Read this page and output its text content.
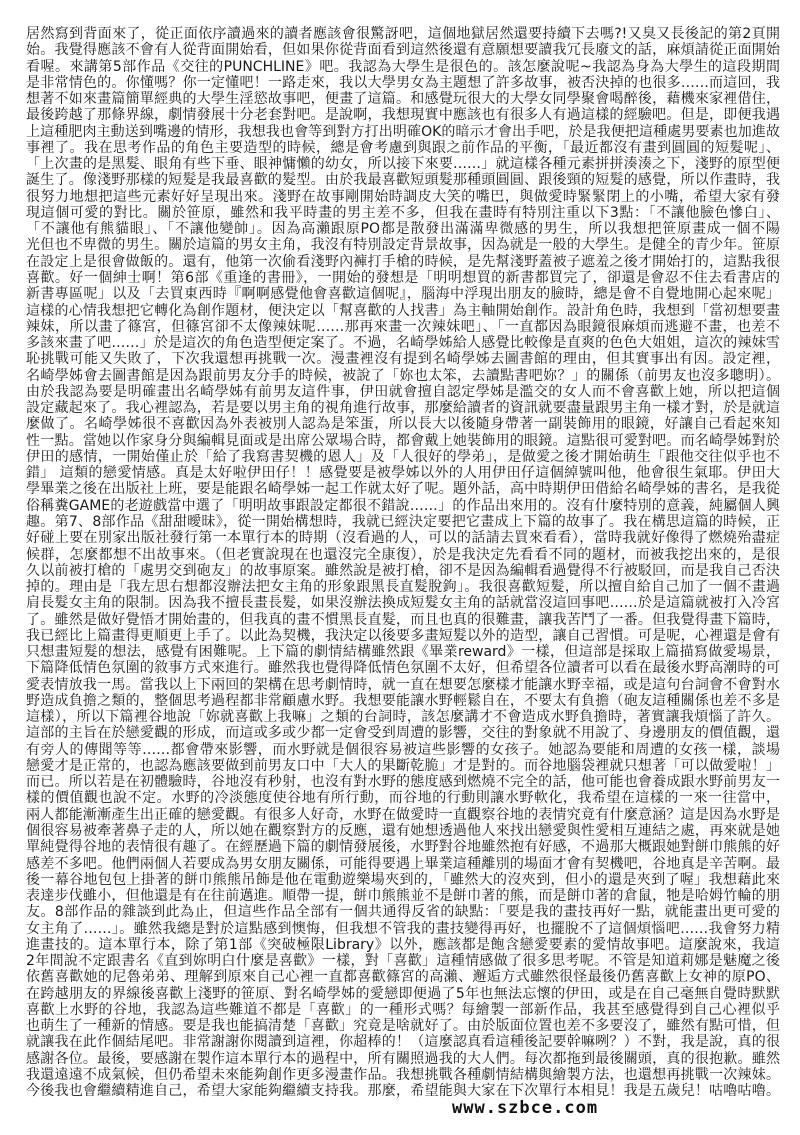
居然寫到背面來了，從正面依序讀過來的讀者應該會很驚訝吧，這個地獄居然還要持續下去嗎?!又臭又長後記的第2頁開
始。我覺得應該不會有人從背面開始看，但如果你從背面看到這然後還有意願想要讀我冗長廢文的話，麻煩請從正面開始
看喔。來講第5部作品《交往的PUNCHLINE》吧。我認為大學生是很色的。該怎麼說呢~我認為身為大學生的這段期間
是非常情色的。你懂嗎？你一定懂吧！一路走來，我以大學男女為主題想了許多故事，被否決掉的也很多……而這回，我
想著不如來畫篇簡單經典的大學生淫慾故事吧，便畫了這篇。和感覺玩很大的大學女同學聚會喝醉後，藉機來家裡借住，
最後跨越了那條界線，劇情發展十分老套對吧。是說啊，我想現實中應該也有很多人有過這樣的經驗吧。但是，即便我遇
上這種肥肉主動送到嘴邊的情形，我想我也會等到對方打出明確OK的暗示才會出手吧，於是我便把這種處男要素也加進故
事裡了。我在思考作品的角色主要造型的時候，總是會考慮到與跟之前作品的平衡，「最近都沒有畫到圓圓的短髮呢」、
「上次畫的是黑髮、眼角有些下垂、眼神慵懶的幼女，所以接下來要……」就這樣各種元素拼拼湊湊之下，淺野的原型便
誕生了。像淺野那樣的短髮是我最喜歡的髮型。由於我最喜歡短頭髮那種頭圓圓、跟後頸的短髮的感覺，所以作畫時，我
很努力地想把這些元素好好呈現出來。淺野在故事剛開始時調皮大笑的嘴巴，與做愛時緊緊閉上的小嘴，希望大家有發
現這個可愛的對比。關於笹原，雖然和我平時畫的男主差不多，但我在畫時有特別注重以下3點：「不讓他臉色慘白」、
「不讓他有熊貓眼」、「不讓他變帥」。因為高瀨跟原PO都是散發出滿滿卑微感的男生，所以我想把笹原畫成一個不陽
光但也不卑微的男生。關於這篇的男女主角，我沒有特別設定背景故事，因為就是一般的大學生。是健全的青少年。笹原
在設定上是很會做飯的。還有，他第一次偷看淺野內褲打手槍的時候，是先幫淺野蓋被子遮羞之後才開始打的，這點我很
喜歡。好一個紳士啊！第6部《重逢的書冊》，一開始的發想是「明明想買的新書都買完了，卻還是會忍不住去看書店的
新書專區呢」以及「去買東西時『啊啊感覺他會喜歡這個呢』，腦海中浮現出朋友的臉時，總是會不自覺地開心起來呢」
這樣的心情我想把它轉化為創作題材，便決定以「幫喜歡的人找書」為主軸開始創作。設計角色時，我想到「當初想要畫
辣妹，所以畫了篠宮，但篠宮卻不太像辣妹呢……那再來畫一次辣妹吧」、「一直都因為眼鏡很麻煩而逃避不畫，也差不
多該來畫了吧……」於是這次的角色造型便定案了。不過，名崎學姊給人感覺比較像是直爽的色色大姐姐，這次的辣妹雪
恥挑戰可能又失敗了，下次我還想再挑戰一次。漫畫裡沒有提到名崎學姊去圖書館的理由，但其實事出有因。設定裡，
名崎學姊會去圖書館是因為跟前男友分手的時候，被說了「妳也太笨，去讀點書吧妳？」的關係（前男友也沒多聰明）。
由於我認為要是明確畫出名崎學姊有前男友這件事，伊田就會擅自認定學姊是濫交的女人而不會喜歡上她，所以把這個
設定藏起來了。我心裡認為，若是要以男主角的視角進行故事，那麼給讀者的資訊就要盡量跟男主角一樣才對，於是就這
麼做了。名崎學姊很不喜歡因為外表被別人認為是笨蛋，所以長大以後隨身帶著一副裝飾用的眼鏡，好讓自己看起來知
性一點。當她以作家身分與編輯見面或是出席公眾場合時，都會戴上她裝飾用的眼鏡。這點很可愛對吧。而名崎學姊對於
伊田的感情，一開始僅止於「給了我寫書契機的恩人」及「人很好的學弟」，是做愛之後才開始萌生「跟他交往似乎也不
錯」 這類的戀愛情感。真是太好啦伊田仔！！感覺要是被學姊以外的人用伊田仔這個綽號叫他，他會很生氣耶。伊田大
學畢業之後在出版社上班，要是能跟名崎學姊一起工作就太好了呢。題外話，高中時期伊田借給名崎學姊的書名，是我從
俗稱糞GAME的老遊戲當中選了「明明故事跟設定都很不錯說……」的作品出來用的。沒有什麼特別的意義，純屬個人興
趣。第7、8部作品《甜甜曖昧》，從一開始構想時，我就已經決定要把它畫成上下篇的故事了。我在構思這篇的時候，正
好碰上要在別家出版社發行第一本單行本的時期（沒看過的人，可以的話請去買來看看），當時我就好像得了燃燒殆盡症
候群，怎麼都想不出故事來。（但老實說現在也還沒完全康復），於是我決定先看看不同的題材，而被我挖出來的，是很
久以前被打槍的「處男交到砲友」的故事原案。雖然說是被打槍，卻不是因為編輯看過覺得不行被駁回，而是我自己否決
掉的。理由是「我左思右想都沒辦法把女主角的形象跟黑長直髮脫鉤」。我很喜歡短髮，所以擅自給自己加了一個不畫過
肩長髮女主角的限制。因為我不擅長畫長髮，如果沒辦法換成短髮女主角的話就當沒這回事吧……於是這篇就被打入冷宮
了。雖然是做好覺悟才開始畫的，但我真的畫不慣黑長直髮，而且也真的很難畫，讓我苦鬥了一番。但我覺得畫下篇時，
我已經比上篇畫得更順更上手了。以此為契機，我決定以後要多畫短髮以外的造型，讓自己習慣。可是呢，心裡還是會有
只想畫短髮的想法，感覺有困難呢。上下篇的劇情結構雖然跟《畢業reward》一樣，但這部是採取上篇描寫做愛場景，
下篇降低情色氛圍的敘事方式來進行。雖然我也覺得降低情色氛圍不太好，但希望各位讀者可以看在最後水野高潮時的可
愛表情放我一馬。當我以上下兩回的架構在思考劇情時，就一直在想要怎麼樣才能讓水野幸福，或是這句台詞會不會對水
野造成負擔之類的，整個思考過程都非常顧慮水野。我想要能讓水野輕鬆自在，不要太有負擔（砲友這種關係也差不多是
這樣），所以下篇裡谷地說「妳就喜歡上我嘛」之類的台詞時，該怎麼講才不會造成水野負擔時，著實讓我煩惱了許久。
這部的主旨在於戀愛觀的形成，而這或多或少都一定會受到周遭的影響，交往的對象就不用說了、身邊朋友的價值觀，還
有旁人的傳聞等等……都會帶來影響，而水野就是個很容易被這些影響的女孩子。她認為要能和周遭的女孩一樣，談場
戀愛才是正常的，也認為應該要做到前男友口中「大人的果斷乾脆」才是對的。而谷地腦袋裡就只想著「可以做愛啦！」
而已。所以若是在初體驗時，谷地沒有秒射，也沒有對水野的態度感到燃燒不完全的話，他可能也會養成跟水野前男友一
樣的價值觀也說不定。水野的冷淡態度使谷地有所行動，而谷地的行動則讓水野軟化，我希望在這樣的一來一往當中，
兩人都能漸漸產生出正確的戀愛觀。有很多人好奇，水野在做愛時一直觀察谷地的表情究竟有什麼意涵？這是因為水野是
個很容易被牽著鼻子走的人，所以她在觀察對方的反應，還有她想透過他人來找出戀愛與性愛相互連結之處，再來就是她
單純覺得谷地的表情很有趣了。在經歷過下篇的劇情發展後，水野對谷地雖然抱有好感，不過那大概跟她對餅巾熊熊的好
感差不多吧。他們兩個人若要成為男女朋友關係，可能得要遇上畢業這種離別的場面才會有契機吧，谷地真是辛苦啊。最
後一幕谷地包包上掛著的餅巾熊熊吊飾是他在電動遊樂場夾到的，「雖然大的沒夾到，但小的還是夾到了喔」我想藉此來
表達步伐雖小，但他還是有在往前邁進。順帶一提，餅巾熊熊並不是餅巾著的熊，而是餅巾著的倉鼠，牠是哈姆竹輪的朋
友。8部作品的雜談到此為止，但這些作品全部有一個共通得反省的缺點：「要是我的畫技再好一點，就能畫出更可愛的
女主角了……」。雖然我總是對於這點感到懊悔，但我想不管我的畫技變得再好，也擺脫不了這個煩惱吧……我會努力精
進畫技的。這本單行本，除了第1部《突破極限Library》以外，應該都是飽含戀愛要素的愛情故事吧。這麼說來，我這
2年間說不定跟書名《直到妳明白什麼是喜歡》一樣，對「喜歡」這種情感做了很多思考呢。不管是知道莉娜是魅魔之後
依舊喜歡她的尼魯弟弟、理解到原來自己心裡一直都喜歡篠宮的高瀨、邂逅方式雖然很怪最後仍舊喜歡上女神的原PO、
在跨越朋友的界線後喜歡上淺野的笹原、對名崎學姊的愛戀即便過了5年也無法忘懷的伊田，或是在自己毫無自覺時默默
喜歡上水野的谷地，我認為這些難道不都是「喜歡」的一種形式嗎？每繪製一部新作品，我甚至感覺得到自己心裡似乎
也萌生了一種新的情感。要是我也能搞清楚「喜歡」究竟是啥就好了。由於版面位置也差不多要沒了，雖然有點可惜，但
就讓我在此作個結尾吧。非常謝謝你閱讀到這裡，你超棒的！（這麼認真看這種後記要幹嘛咧？）不對，我是說，真的很
感謝各位。最後，要感謝在製作這本單行本的過程中，所有關照過我的大人們。每次都拖到最後關頭，真的很抱歉。雖然
我還遠遠不成氣候，但仍希望未來能夠創作更多漫畫作品。我想挑戰各種劇情結構與繪製方法，也還想再挑戰一次辣妹。
今後我也會繼續精進自己，希望大家能夠繼續支持我。那麼，希望能與大家在下次單行本相見！我是五歲兒！咕嚕咕嚕。
www.szbce.com
